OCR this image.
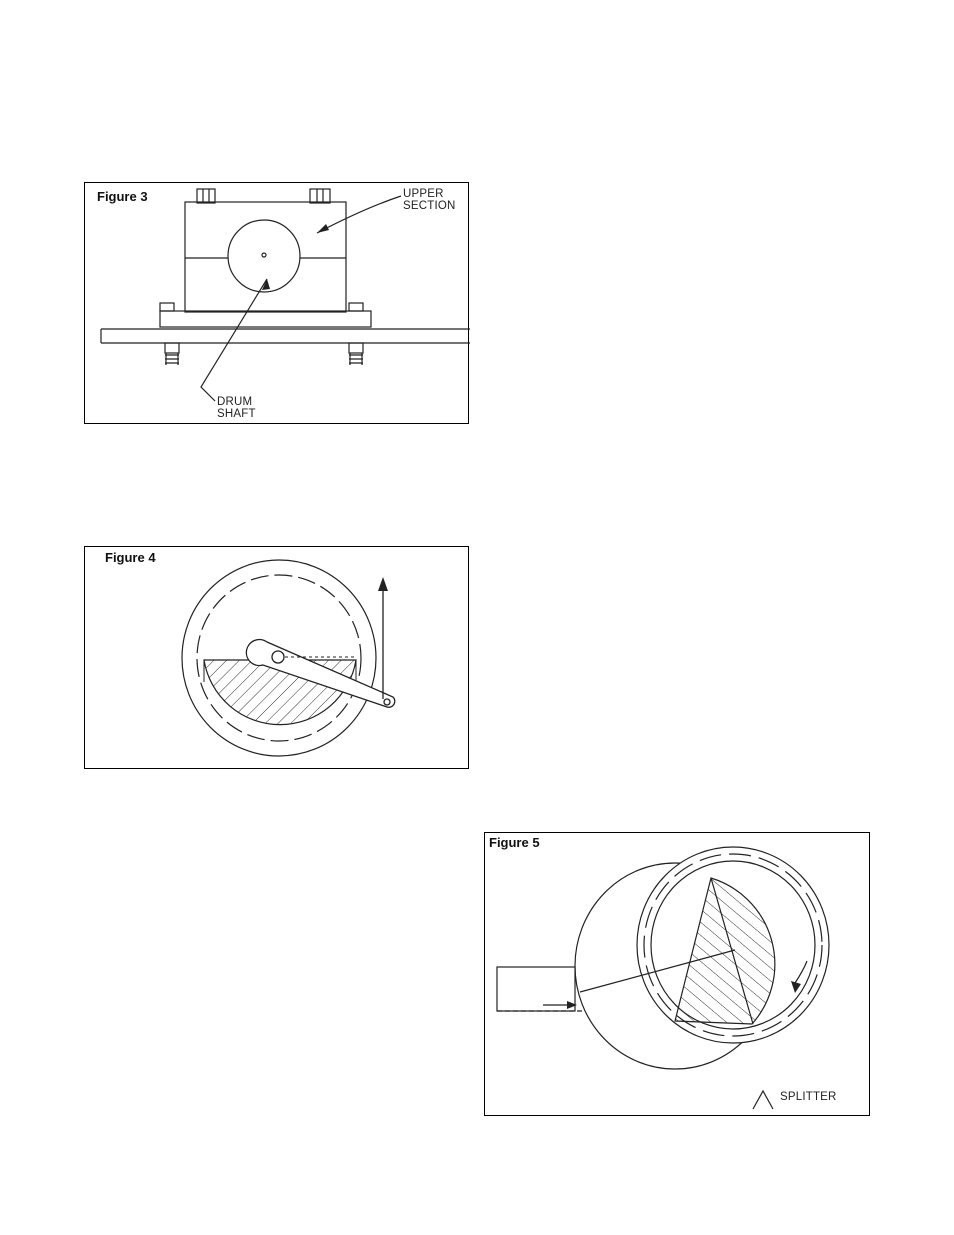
Figure 3	UPPER
SECTION
DRUM
SHAFT
Figure 4
Figure 5
SPLITTER
